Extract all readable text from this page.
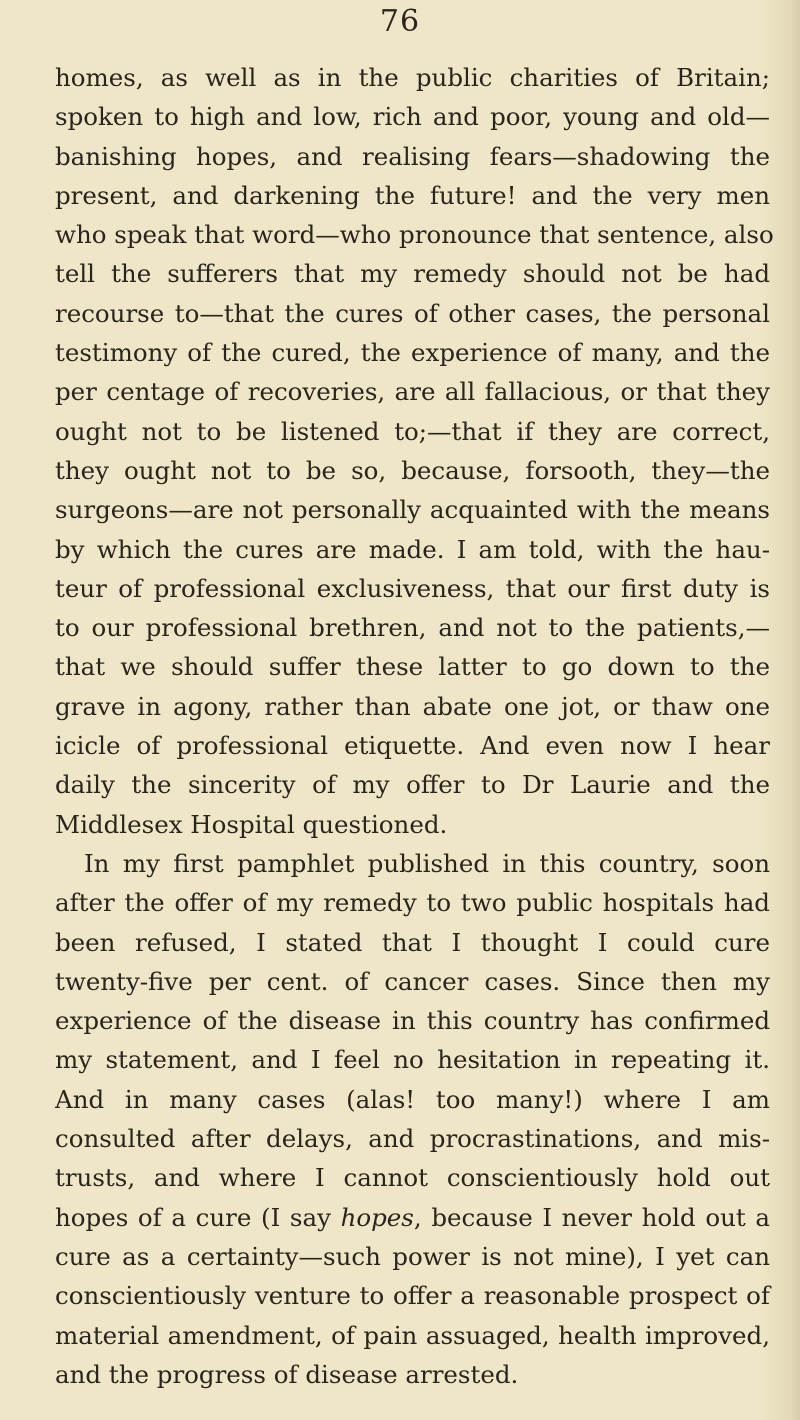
76
homes, as well as in the public charities of Britain;
spoken to high and low, rich and poor, young and old—
banishing hopes, and realising fears—shadowing the
present, and darkening the future! and the very men
who speak that word—who pronounce that sentence, also
tell the sufferers that my remedy should not be had
recourse to—that the cures of other cases, the personal
testimony of the cured, the experience of many, and the
per centage of recoveries, are all fallacious, or that they
ought not to be listened to;—that if they are correct,
they ought not to be so, because, forsooth, they—the
surgeons—are not personally acquainted with the means
by which the cures are made. I am told, with the hau-
teur of professional exclusiveness, that our first duty is
to our professional brethren, and not to the patients,—
that we should suffer these latter to go down to the
grave in agony, rather than abate one jot, or thaw one
icicle of professional etiquette. And even now I hear
daily the sincerity of my offer to Dr Laurie and the
Middlesex Hospital questioned.
In my first pamphlet published in this country, soon
after the offer of my remedy to two public hospitals had
been refused, I stated that I thought I could cure
twenty-five per cent. of cancer cases. Since then my
experience of the disease in this country has confirmed
my statement, and I feel no hesitation in repeating it.
And in many cases (alas! too many!) where I am
consulted after delays, and procrastinations, and mis-
trusts, and where I cannot conscientiously hold out
hopes of a cure (I say hopes, because I never hold out a
cure as a certainty—such power is not mine), I yet can
conscientiously venture to offer a reasonable prospect of
material amendment, of pain assuaged, health improved,
and the progress of disease arrested.
